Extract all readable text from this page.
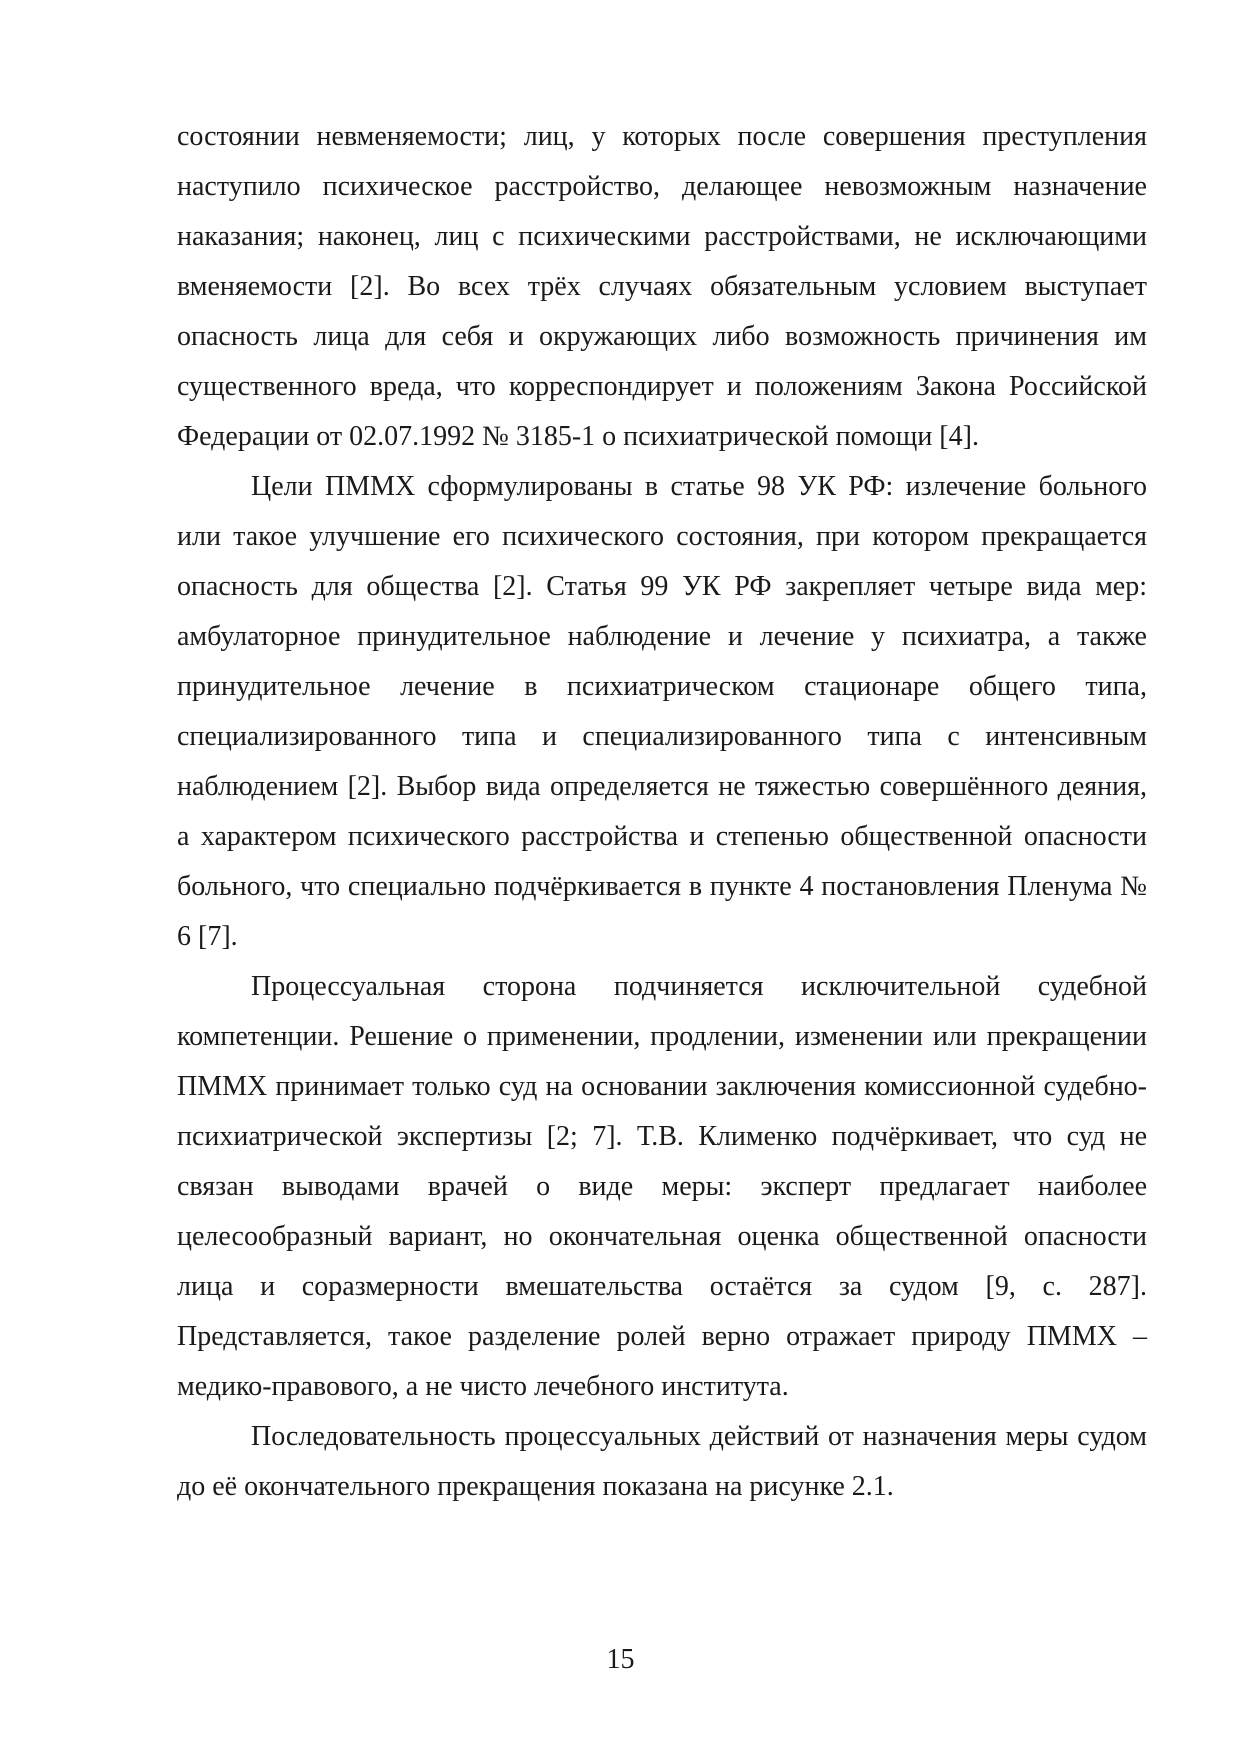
состоянии невменяемости; лиц, у которых после совершения преступления наступило психическое расстройство, делающее невозможным назначение наказания; наконец, лиц с психическими расстройствами, не исключающими вменяемости [2]. Во всех трёх случаях обязательным условием выступает опасность лица для себя и окружающих либо возможность причинения им существенного вреда, что корреспондирует и положениям Закона Российской Федерации от 02.07.1992 № 3185-1 о психиатрической помощи [4].

Цели ПММХ сформулированы в статье 98 УК РФ: излечение больного или такое улучшение его психического состояния, при котором прекращается опасность для общества [2]. Статья 99 УК РФ закрепляет четыре вида мер: амбулаторное принудительное наблюдение и лечение у психиатра, а также принудительное лечение в психиатрическом стационаре общего типа, специализированного типа и специализированного типа с интенсивным наблюдением [2]. Выбор вида определяется не тяжестью совершённого деяния, а характером психического расстройства и степенью общественной опасности больного, что специально подчёркивается в пункте 4 постановления Пленума № 6 [7].

Процессуальная сторона подчиняется исключительной судебной компетенции. Решение о применении, продлении, изменении или прекращении ПММХ принимает только суд на основании заключения комиссионной судебно-психиатрической экспертизы [2; 7]. Т.В. Клименко подчёркивает, что суд не связан выводами врачей о виде меры: эксперт предлагает наиболее целесообразный вариант, но окончательная оценка общественной опасности лица и соразмерности вмешательства остаётся за судом [9, с. 287]. Представляется, такое разделение ролей верно отражает природу ПММХ – медико-правового, а не чисто лечебного института.

Последовательность процессуальных действий от назначения меры судом до её окончательного прекращения показана на рисунке 2.1.

15
